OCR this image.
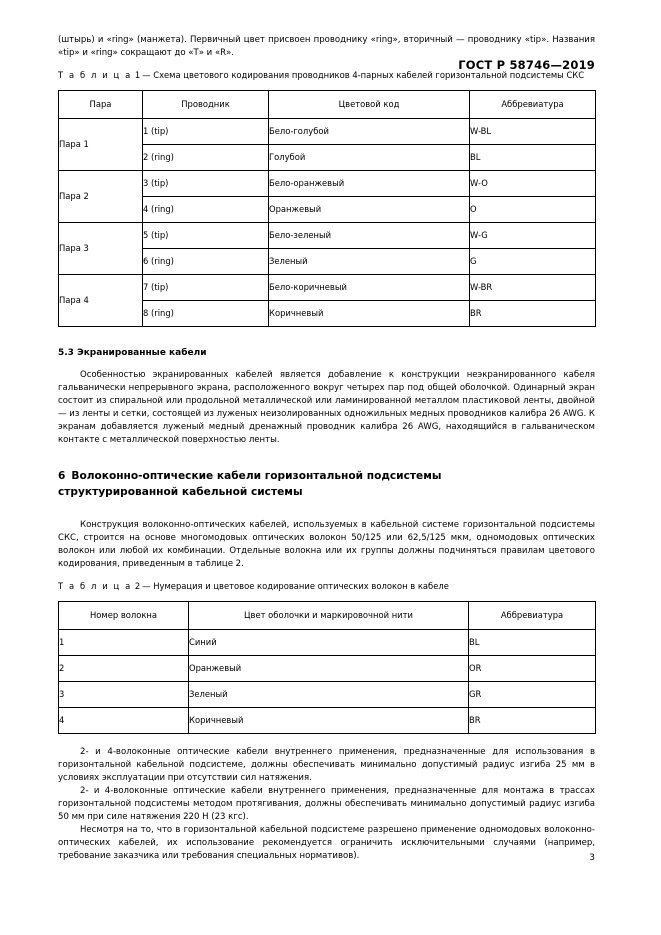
ГОСТ Р 58746—2019

(штырь) и «ring» (манжета). Первичный цвет присвоен проводнику «ring», вторичный — проводнику «tip». Названия «tip» и «ring» сокращают до «Т» и «R».

Т а б л и ц а 1 — Схема цветового кодирования проводников 4-парных кабелей горизонтальной подсистемы СКС

Пара	Проводник	Цветовой код	Аббревиатура
Пара 1	1 (tip)	Бело-голубой	W-BL
	2 (ring)	Голубой	BL
Пара 2	3 (tip)	Бело-оранжевый	W-O
	4 (ring)	Оранжевый	O
Пара 3	5 (tip)	Бело-зеленый	W-G
	6 (ring)	Зеленый	G
Пара 4	7 (tip)	Бело-коричневый	W-BR
	8 (ring)	Коричневый	BR

5.3 Экранированные кабели

Особенностью экранированных кабелей является добавление к конструкции неэкранированного кабеля гальванически непрерывного экрана, расположенного вокруг четырех пар под общей оболочкой. Одинарный экран состоит из спиральной или продольной металлической или ламинированной металлом пластиковой ленты, двойной — из ленты и сетки, состоящей из луженых неизолированных одножильных медных проводников калибра 26 AWG. К экранам добавляется луженый медный дренажный проводник калибра 26 AWG, находящийся в гальваническом контакте с металлической поверхностью ленты.

6 Волоконно-оптические кабели горизонтальной подсистемы
структурированной кабельной системы

Конструкция волоконно-оптических кабелей, используемых в кабельной системе горизонтальной подсистемы СКС, строится на основе многомодовых оптических волокон 50/125 или 62,5/125 мкм, одномодовых оптических волокон или любой их комбинации. Отдельные волокна или их группы должны подчиняться правилам цветового кодирования, приведенным в таблице 2.

Т а б л и ц а 2 — Нумерация и цветовое кодирование оптических волокон в кабеле

Номер волокна	Цвет оболочки и маркировочной нити	Аббревиатура
1	Синий	BL
2	Оранжевый	OR
3	Зеленый	GR
4	Коричневый	BR

2- и 4-волоконные оптические кабели внутреннего применения, предназначенные для использования в горизонтальной кабельной подсистеме, должны обеспечивать минимально допустимый радиус изгиба 25 мм в условиях эксплуатации при отсутствии сил натяжения.

2- и 4-волоконные оптические кабели внутреннего применения, предназначенные для монтажа в трассах горизонтальной подсистемы методом протягивания, должны обеспечивать минимально допустимый радиус изгиба 50 мм при силе натяжения 220 Н (23 кгс).

Несмотря на то, что в горизонтальной кабельной подсистеме разрешено применение одномодовых волоконно-оптических кабелей, их использование рекомендуется ограничить исключительными случаями (например, требование заказчика или требования специальных нормативов).	3
